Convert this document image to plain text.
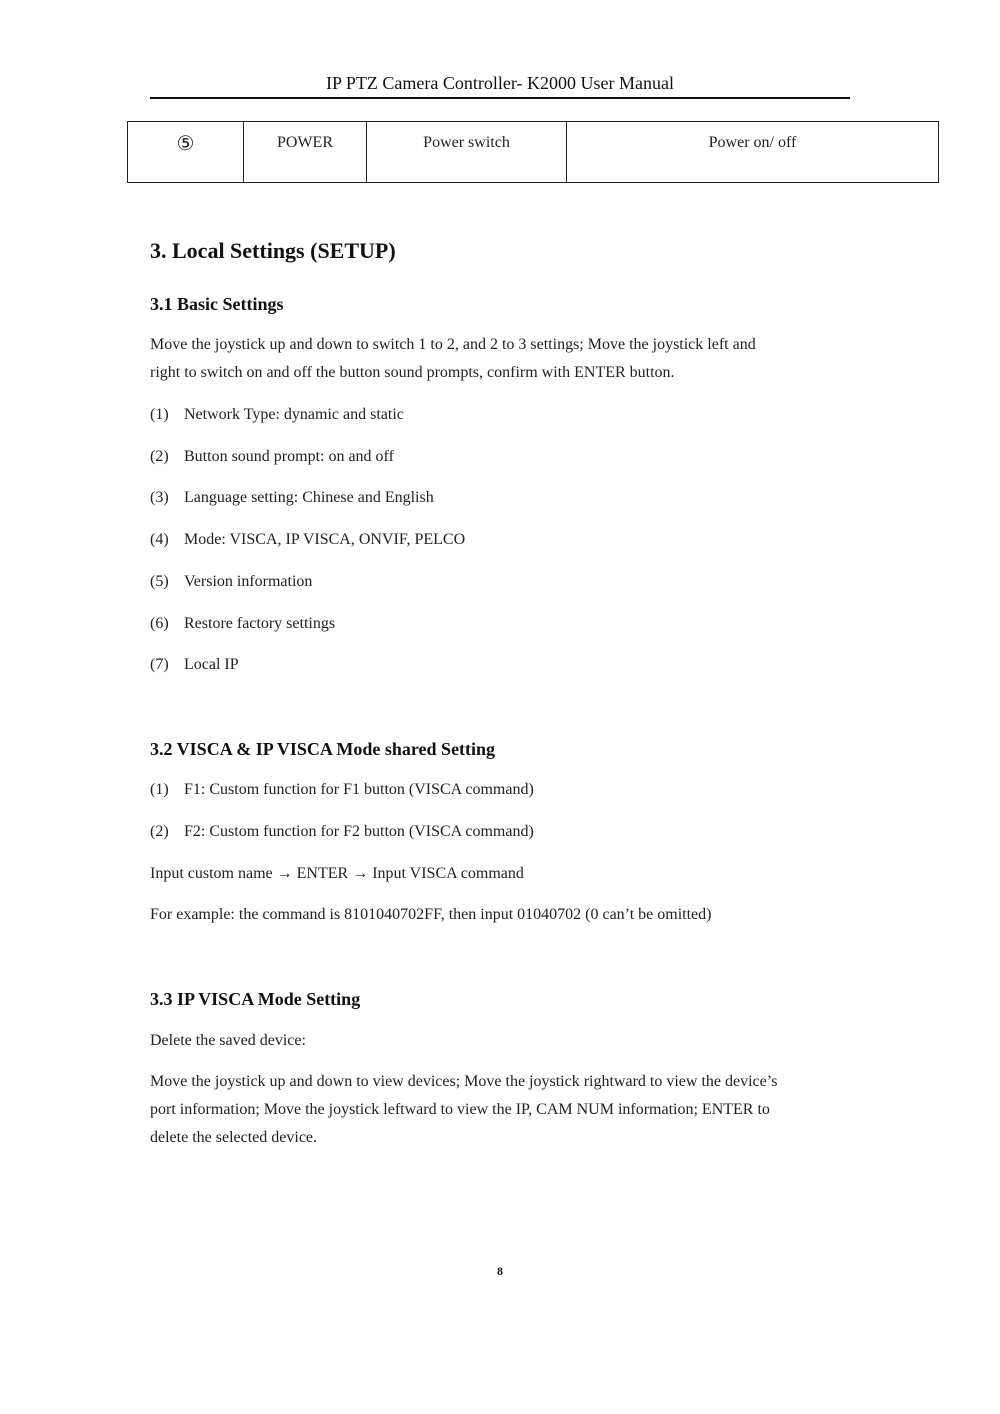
IP PTZ Camera Controller- K2000 User Manual
⑤	POWER	Power switch	Power on/ off
3. Local Settings (SETUP)
3.1 Basic Settings
Move the joystick up and down to switch 1 to 2, and 2 to 3 settings; Move the joystick left and
right to switch on and off the button sound prompts, confirm with ENTER button.
(1) Network Type: dynamic and static
(2) Button sound prompt: on and off
(3) Language setting: Chinese and English
(4) Mode: VISCA, IP VISCA, ONVIF, PELCO
(5) Version information
(6) Restore factory settings
(7) Local IP
3.2 VISCA & IP VISCA Mode shared Setting
(1) F1: Custom function for F1 button (VISCA command)
(2) F2: Custom function for F2 button (VISCA command)
Input custom name → ENTER → Input VISCA command
For example: the command is 8101040702FF, then input 01040702 (0 can’t be omitted)
3.3 IP VISCA Mode Setting
Delete the saved device:
Move the joystick up and down to view devices; Move the joystick rightward to view the device’s
port information; Move the joystick leftward to view the IP, CAM NUM information; ENTER to
delete the selected device.
8
